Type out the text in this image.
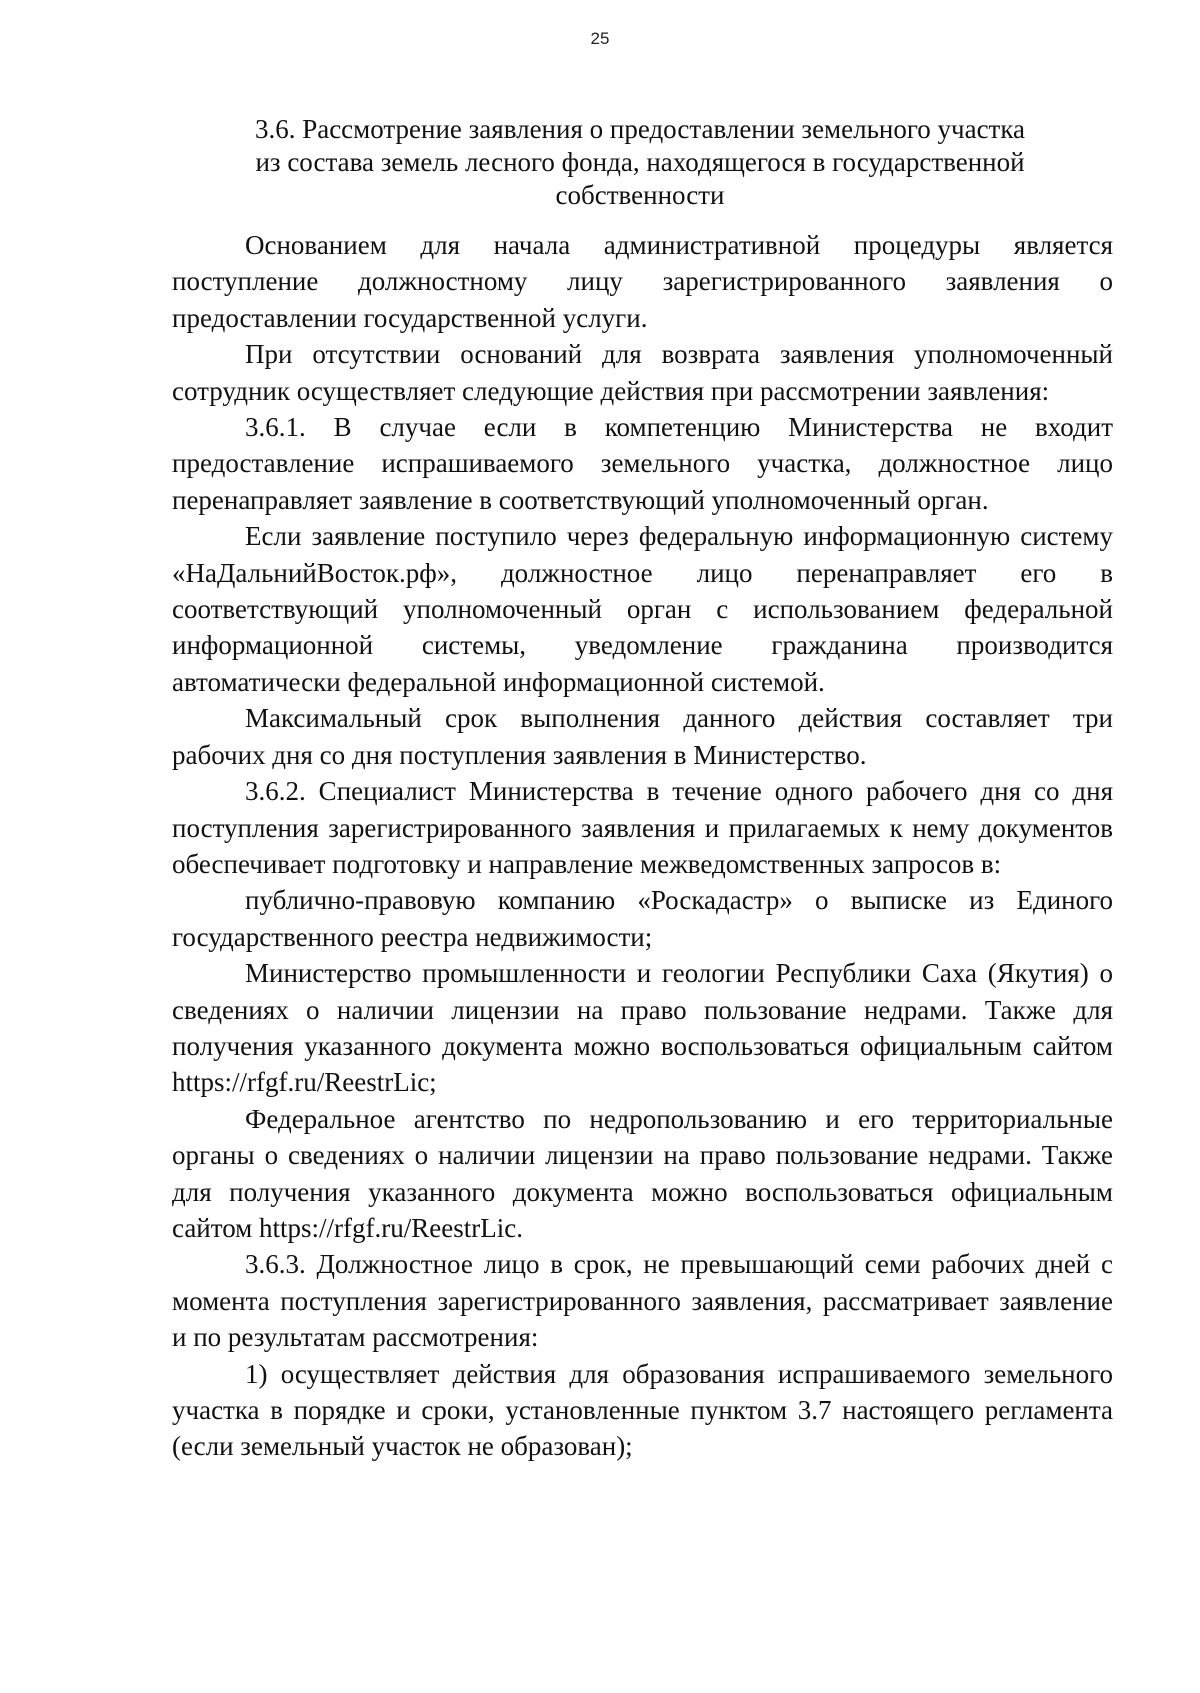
25
3.6. Рассмотрение заявления о предоставлении земельного участка
из состава земель лесного фонда, находящегося в государственной
собственности

Основанием для начала административной процедуры является поступление должностному лицу зарегистрированного заявления о предоставлении государственной услуги.

При отсутствии оснований для возврата заявления уполномоченный сотрудник осуществляет следующие действия при рассмотрении заявления:

3.6.1. В случае если в компетенцию Министерства не входит предоставление испрашиваемого земельного участка, должностное лицо перенаправляет заявление в соответствующий уполномоченный орган.

Если заявление поступило через федеральную информационную систему «НаДальнийВосток.рф», должностное лицо перенаправляет его в соответствующий уполномоченный орган с использованием федеральной информационной системы, уведомление гражданина производится автоматически федеральной информационной системой.

Максимальный срок выполнения данного действия составляет три рабочих дня со дня поступления заявления в Министерство.

3.6.2. Специалист Министерства в течение одного рабочего дня со дня поступления зарегистрированного заявления и прилагаемых к нему документов обеспечивает подготовку и направление межведомственных запросов в:

публично-правовую компанию «Роскадастр» о выписке из Единого государственного реестра недвижимости;

Министерство промышленности и геологии Республики Саха (Якутия) о сведениях о наличии лицензии на право пользование недрами. Также для получения указанного документа можно воспользоваться официальным сайтом https://rfgf.ru/ReestrLic;

Федеральное агентство по недропользованию и его территориальные органы о сведениях о наличии лицензии на право пользование недрами. Также для получения указанного документа можно воспользоваться официальным сайтом https://rfgf.ru/ReestrLic.

3.6.3. Должностное лицо в срок, не превышающий семи рабочих дней с момента поступления зарегистрированного заявления, рассматривает заявление и по результатам рассмотрения:

1) осуществляет действия для образования испрашиваемого земельного участка в порядке и сроки, установленные пунктом 3.7 настоящего регламента (если земельный участок не образован);
